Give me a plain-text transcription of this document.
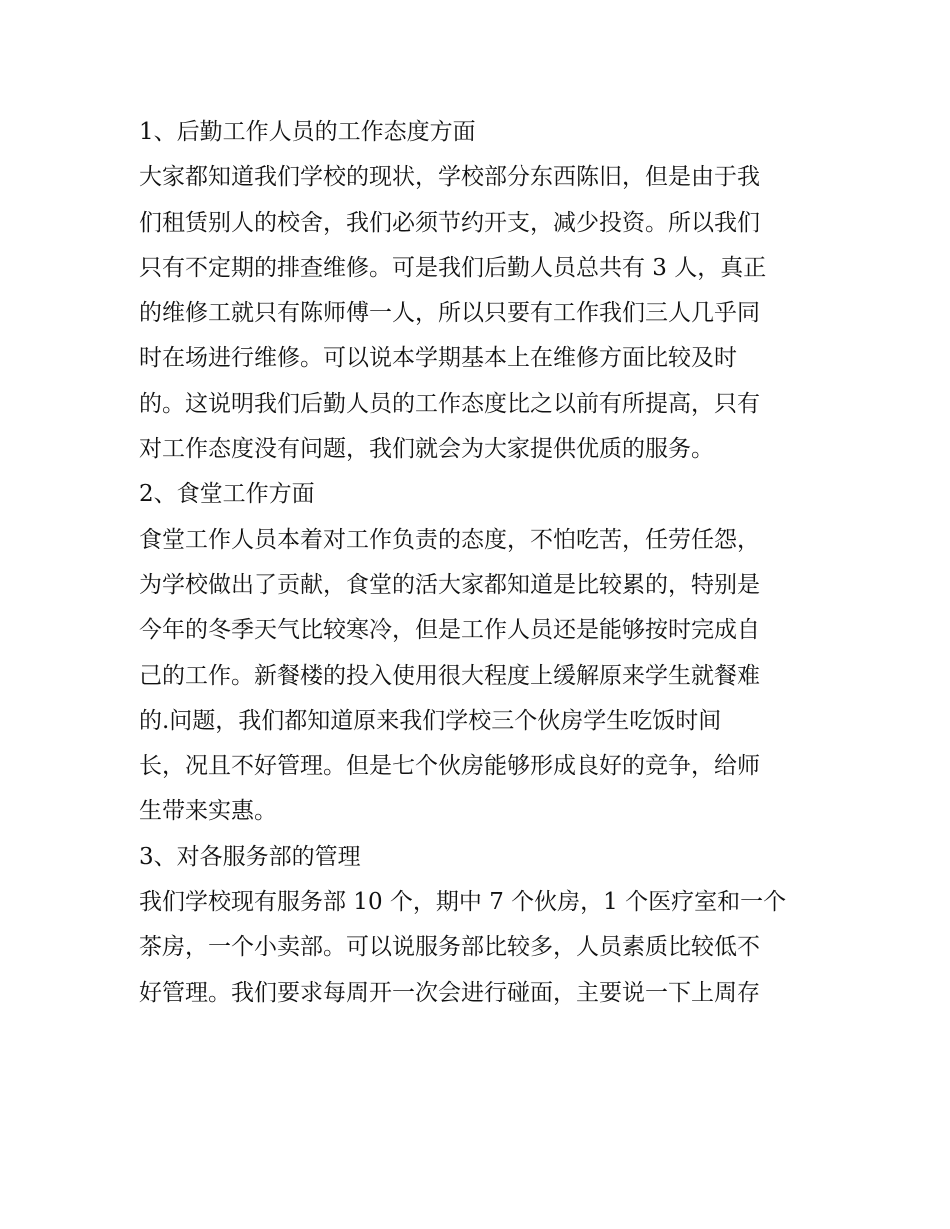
1、后勤工作人员的工作态度方面
大家都知道我们学校的现状，学校部分东西陈旧，但是由于我
们租赁别人的校舍，我们必须节约开支，减少投资。所以我们
只有不定期的排查维修。可是我们后勤人员总共有 3 人，真正
的维修工就只有陈师傅一人，所以只要有工作我们三人几乎同
时在场进行维修。可以说本学期基本上在维修方面比较及时
的。这说明我们后勤人员的工作态度比之以前有所提高，只有
对工作态度没有问题，我们就会为大家提供优质的服务。
2、食堂工作方面
食堂工作人员本着对工作负责的态度，不怕吃苦，任劳任怨，
为学校做出了贡献，食堂的活大家都知道是比较累的，特别是
今年的冬季天气比较寒冷，但是工作人员还是能够按时完成自
己的工作。新餐楼的投入使用很大程度上缓解原来学生就餐难
的.问题，我们都知道原来我们学校三个伙房学生吃饭时间
长，况且不好管理。但是七个伙房能够形成良好的竞争，给师
生带来实惠。
3、对各服务部的管理
我们学校现有服务部 10 个，期中 7 个伙房，1 个医疗室和一个
茶房，一个小卖部。可以说服务部比较多，人员素质比较低不
好管理。我们要求每周开一次会进行碰面，主要说一下上周存
